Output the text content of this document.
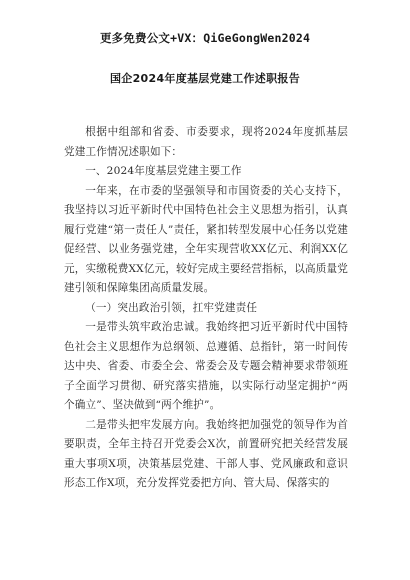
更多免费公文+VX：QiGeGongWen2024
国企2024年度基层党建工作述职报告

根据中组部和省委、市委要求，现将2024年度抓基层党建工作情况述职如下：

一、2024年度基层党建主要工作

一年来，在市委的坚强领导和市国资委的关心支持下，我坚持以习近平新时代中国特色社会主义思想为指引，认真履行党建“第一责任人”责任，紧扣转型发展中心任务以党建促经营、以业务强党建，全年实现营收XX亿元、利润XX亿元，实缴税费XX亿元，较好完成主要经营指标，以高质量党建引领和保障集团高质量发展。

（一）突出政治引领，扛牢党建责任

一是带头筑牢政治忠诚。我始终把习近平新时代中国特色社会主义思想作为总纲领、总遵循、总指针，第一时间传达中央、省委、市委全会、常委会及专题会精神要求带领班子全面学习贯彻、研究落实措施，以实际行动坚定拥护“两个确立”、坚决做到“两个维护”。

二是带头把牢发展方向。我始终把加强党的领导作为首要职责，全年主持召开党委会X次，前置研究把关经营发展重大事项X项，决策基层党建、干部人事、党风廉政和意识形态工作X项，充分发挥党委把方向、管大局、保落实的
